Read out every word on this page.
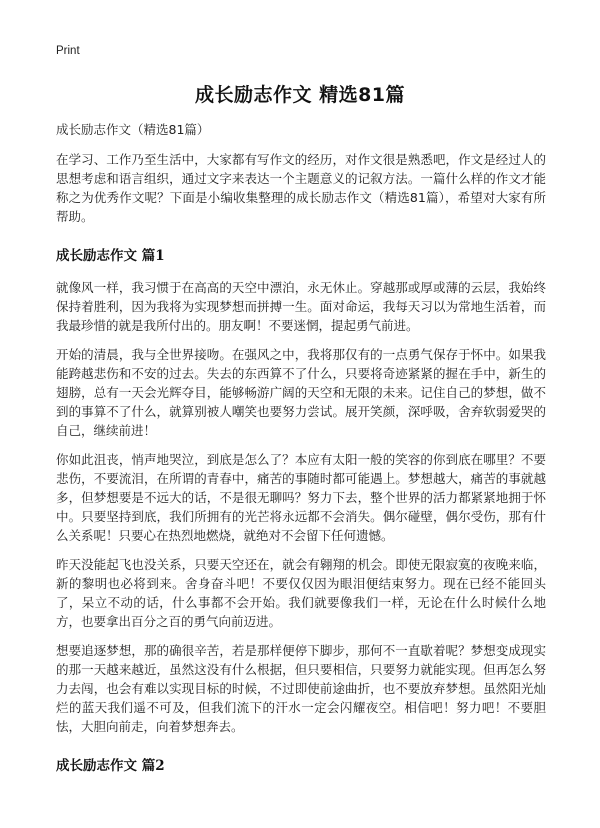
Print
成长励志作文 精选81篇
成长励志作文（精选81篇）

在学习、工作乃至生活中，大家都有写作文的经历，对作文很是熟悉吧，作文是经过人的思想考虑和语言组织，通过文字来表达一个主题意义的记叙方法。一篇什么样的作文才能称之为优秀作文呢？下面是小编收集整理的成长励志作文（精选81篇），希望对大家有所帮助。

成长励志作文 篇1

就像风一样，我习惯于在高高的天空中漂泊，永无休止。穿越那或厚或薄的云层，我始终保持着胜利，因为我将为实现梦想而拼搏一生。面对命运，我每天习以为常地生活着，而我最珍惜的就是我所付出的。朋友啊！不要迷惘，提起勇气前进。

开始的清晨，我与全世界接吻。在强风之中，我将那仅有的一点勇气保存于怀中。如果我能跨越悲伤和不安的过去。失去的东西算不了什么，只要将奇迹紧紧的握在手中，新生的翅膀，总有一天会光辉夺目，能够畅游广阔的天空和无限的未来。记住自己的梦想，做不到的事算不了什么，就算别被人嘲笑也要努力尝试。展开笑颜，深呼吸，舍弃软弱爱哭的自己，继续前进！

你如此沮丧，悄声地哭泣，到底是怎么了？本应有太阳一般的笑容的你到底在哪里？不要悲伤，不要流泪，在所谓的青春中，痛苦的事随时都可能遇上。梦想越大，痛苦的事就越多，但梦想要是不远大的话，不是很无聊吗？努力下去，整个世界的活力都紧紧地拥于怀中。只要坚持到底，我们所拥有的光芒将永远都不会消失。偶尔碰壁，偶尔受伤，那有什么关系呢！只要心在热烈地燃烧，就绝对不会留下任何遗憾。

昨天没能起飞也没关系，只要天空还在，就会有翱翔的机会。即使无限寂寞的夜晚来临，新的黎明也必将到来。舍身奋斗吧！不要仅仅因为眼泪便结束努力。现在已经不能回头了，呆立不动的话，什么事都不会开始。我们就要像我们一样，无论在什么时候什么地方，也要拿出百分之百的勇气向前迈进。

想要追逐梦想，那的确很辛苦，若是那样便停下脚步，那何不一直歇着呢？梦想变成现实的那一天越来越近，虽然这没有什么根据，但只要相信，只要努力就能实现。但再怎么努力去闯，也会有难以实现目标的时候，不过即使前途曲折，也不要放弃梦想。虽然阳光灿烂的蓝天我们遥不可及，但我们流下的汗水一定会闪耀夜空。相信吧！努力吧！不要胆怯，大胆向前走，向着梦想奔去。

成长励志作文 篇2
